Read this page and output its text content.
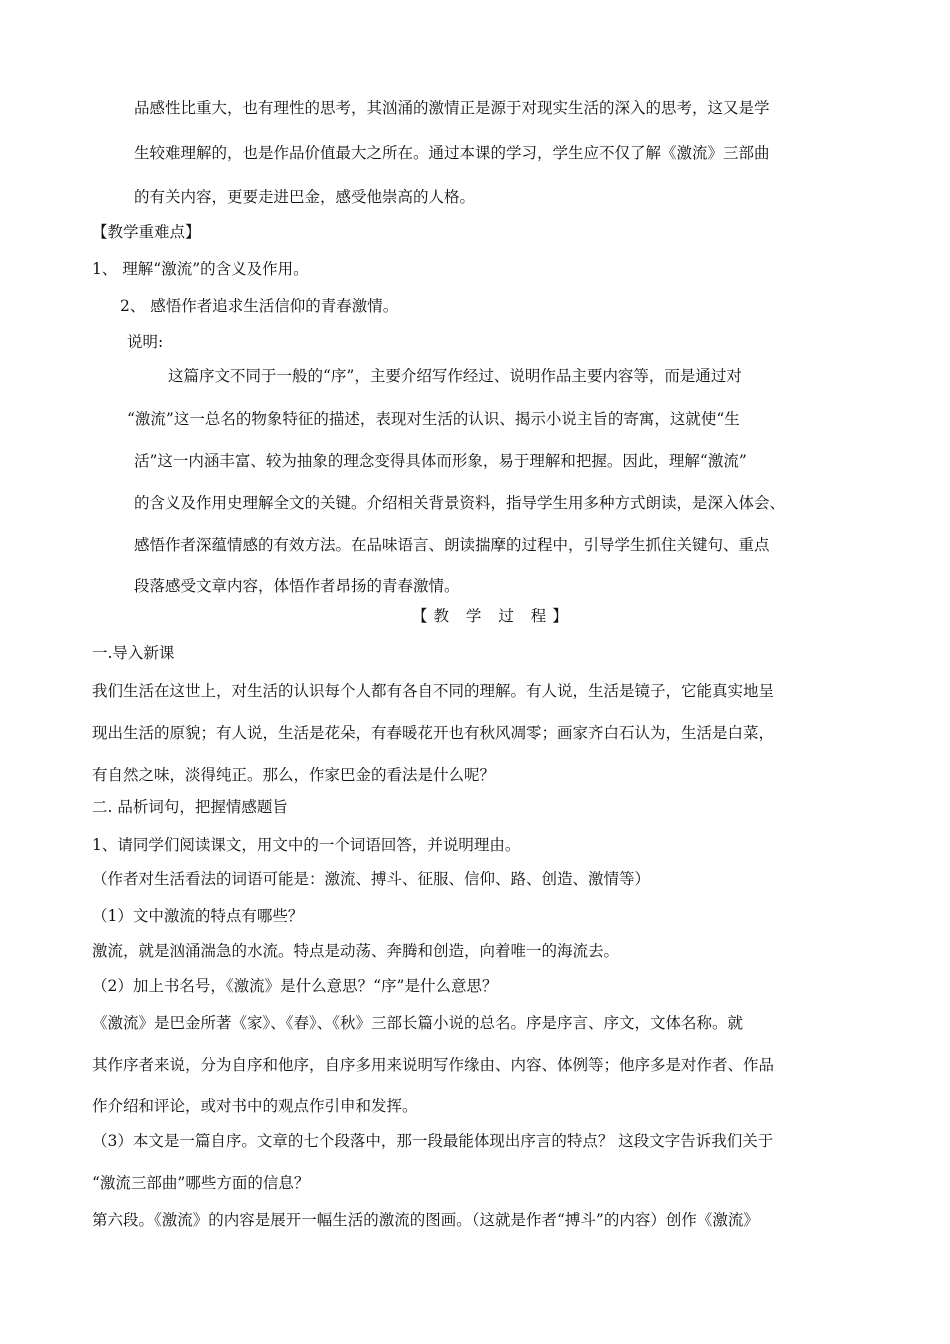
品感性比重大，也有理性的思考，其汹涌的激情正是源于对现实生活的深入的思考，这又是学
生较难理解的，也是作品价值最大之所在。通过本课的学习，学生应不仅了解《激流》三部曲
的有关内容，更要走进巴金，感受他崇高的人格。
【教学重难点】
1、 理解“激流”的含义及作用。
2、 感悟作者追求生活信仰的青春激情。
说明:
这篇序文不同于一般的“序”，主要介绍写作经过、说明作品主要内容等，而是通过对
“激流”这一总名的物象特征的描述，表现对生活的认识、揭示小说主旨的寄寓，这就使“生
活”这一内涵丰富、较为抽象的理念变得具体而形象，易于理解和把握。因此，理解“激流”
的含义及作用史理解全文的关键。介绍相关背景资料，指导学生用多种方式朗读，是深入体会、
感悟作者深蕴情感的有效方法。在品味语言、朗读揣摩的过程中，引导学生抓住关键句、重点
段落感受文章内容，体悟作者昂扬的青春激情。
【教 学 过 程】
一.导入新课
我们生活在这世上，对生活的认识每个人都有各自不同的理解。有人说，生活是镜子，它能真实地呈
现出生活的原貌；有人说，生活是花朵，有春暖花开也有秋风凋零；画家齐白石认为，生活是白菜，
有自然之味，淡得纯正。那么，作家巴金的看法是什么呢？
二. 品析词句，把握情感题旨
1、请同学们阅读课文，用文中的一个词语回答，并说明理由。
（作者对生活看法的词语可能是：激流、搏斗、征服、信仰、路、创造、激情等）
（1）文中激流的特点有哪些？
激流，就是汹涌湍急的水流。特点是动荡、奔腾和创造，向着唯一的海流去。
（2）加上书名号，《激流》是什么意思？“序”是什么意思？
《激流》是巴金所著《家》、《春》、《秋》三部长篇小说的总名。序是序言、序文，文体名称。就
其作序者来说，分为自序和他序，自序多用来说明写作缘由、内容、体例等；他序多是对作者、作品
作介绍和评论，或对书中的观点作引申和发挥。
（3）本文是一篇自序。文章的七个段落中，那一段最能体现出序言的特点？ 这段文字告诉我们关于
“激流三部曲”哪些方面的信息？
第六段。《激流》的内容是展开一幅生活的激流的图画。（这就是作者“搏斗”的内容）创作《激流》
